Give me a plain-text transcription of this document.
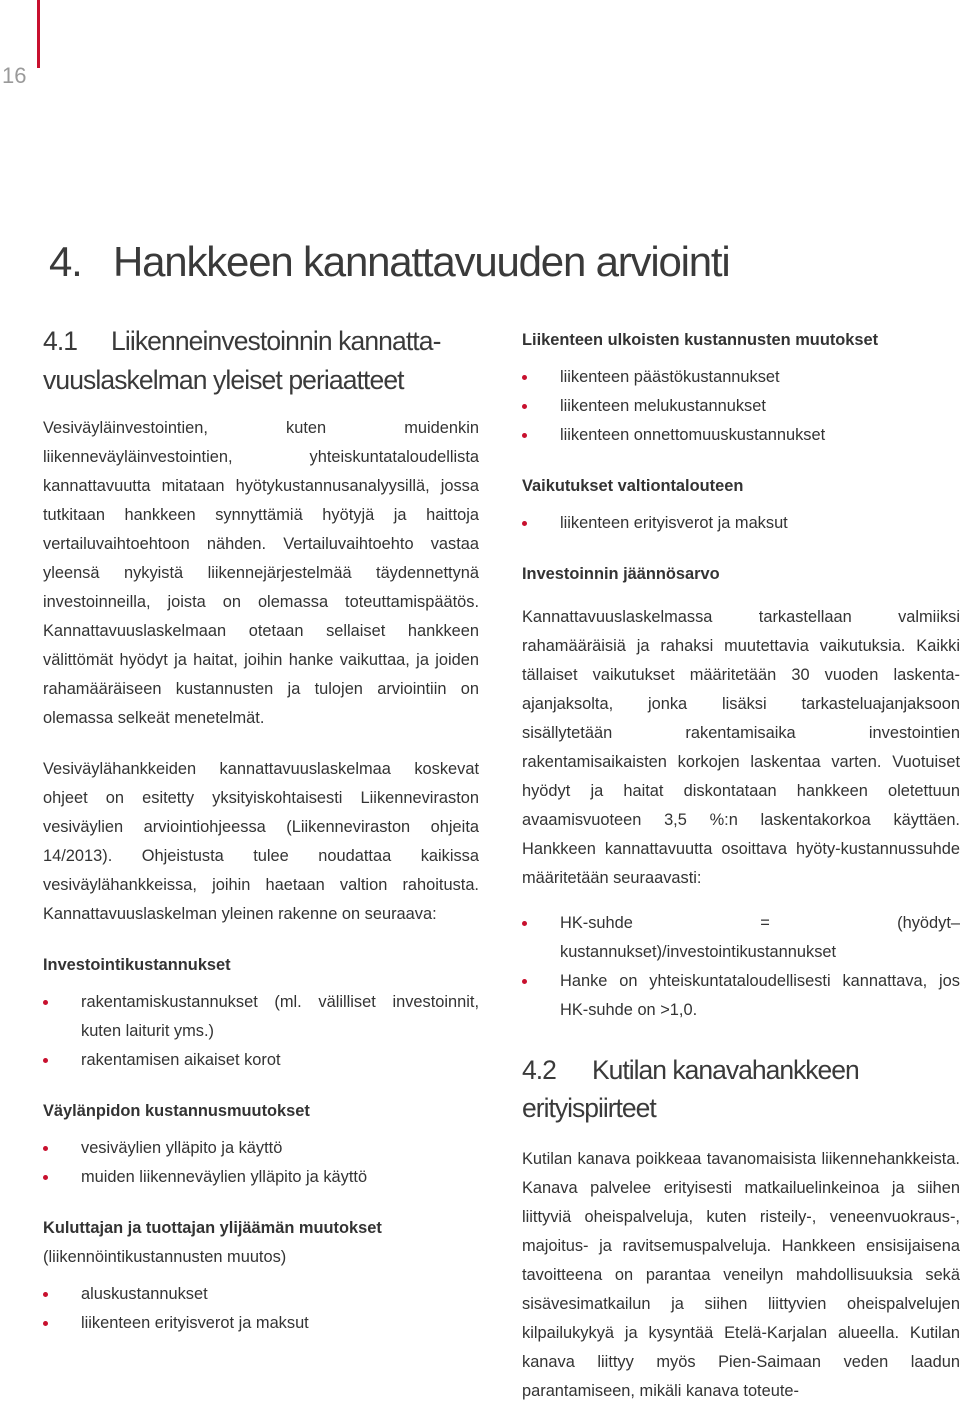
16
4. Hankkeen kannattavuuden arviointi
4.1 Liikenneinvestoinnin kannatta-vuuslaskelman yleiset periaatteet

Vesiväyläinvestointien, kuten muidenkin liikenneväyläinvestointien, yhteiskuntataloudellista kannattavuutta mitataan hyötykustannusanalyysillä, jossa tutkitaan hankkeen synnyttämiä hyötyjä ja haittoja vertailuvaihtoehtoon nähden. Vertailuvaihtoehto vastaa yleensä nykyistä liikennejärjestelmää täydennettynä investoinneilla, joista on olemassa toteuttamispäätös. Kannattavuuslaskelmaan otetaan sellaiset hankkeen välittömät hyödyt ja haitat, joihin hanke vaikuttaa, ja joiden rahamääräiseen kustannusten ja tulojen arviointiin on olemassa selkeät menetelmät.

Vesiväylähankkeiden kannattavuuslaskelmaa koskevat ohjeet on esitetty yksityiskohtaisesti Liikenneviraston vesiväylien arviointiohjeessa (Liikenneviraston ohjeita 14/2013). Ohjeistusta tulee noudattaa kaikissa vesiväylähankkeissa, joihin haetaan valtion rahoitusta. Kannattavuuslaskelman yleinen rakenne on seuraava:

Investointikustannukset
rakentamiskustannukset (ml. välilliset investoinnit, kuten laiturit yms.)
rakentamisen aikaiset korot
Väylänpidon kustannusmuutokset
vesiväylien ylläpito ja käyttö
muiden liikenneväylien ylläpito ja käyttö
Kuluttajan ja tuottajan ylijäämän muutokset (liikennöintikustannusten muutos)
aluskustannukset
liikenteen erityisverot ja maksut
Liikenteen ulkoisten kustannusten muutokset
liikenteen päästökustannukset
liikenteen melukustannukset
liikenteen onnettomuuskustannukset
Vaikutukset valtiontalouteen
liikenteen erityisverot ja maksut
Investoinnin jäännösarvo

Kannattavuuslaskelmassa tarkastellaan valmiiksi rahamääräisiä ja rahaksi muutettavia vaikutuksia. Kaikki tällaiset vaikutukset määritetään 30 vuoden laskenta-ajanjaksolta, jonka lisäksi tarkasteluajanjaksoon sisällytetään rakentamisaika investointien rakentamisaikaisten korkojen laskentaa varten. Vuotuiset hyödyt ja haitat diskontataan hankkeen oletettuun avaamisvuoteen 3,5 %:n laskentakorkoa käyttäen. Hankkeen kannattavuutta osoittava hyöty-kustannussuhde määritetään seuraavasti:

HK-suhde = (hyödyt–kustannukset)/investointikustannukset
Hanke on yhteiskuntataloudellisesti kannattava, jos HK-suhde on >1,0.
4.2 Kutilan kanavahankkeen erityispiirteet

Kutilan kanava poikkeaa tavanomaisista liikennehankkeista. Kanava palvelee erityisesti matkailuelinkeinoa ja siihen liittyviä oheispalveluja, kuten risteily-, veneenvuokraus-, majoitus- ja ravitsemuspalveluja. Hankkeen ensisijaisena tavoitteena on parantaa veneilyn mahdollisuuksia sekä sisävesimatkailun ja siihen liittyvien oheispalvelujen kilpailukykyä ja kysyntää Etelä-Karjalan alueella. Kutilan kanava liittyy myös Pien-Saimaan veden laadun parantamiseen, mikäli kanava toteute-
